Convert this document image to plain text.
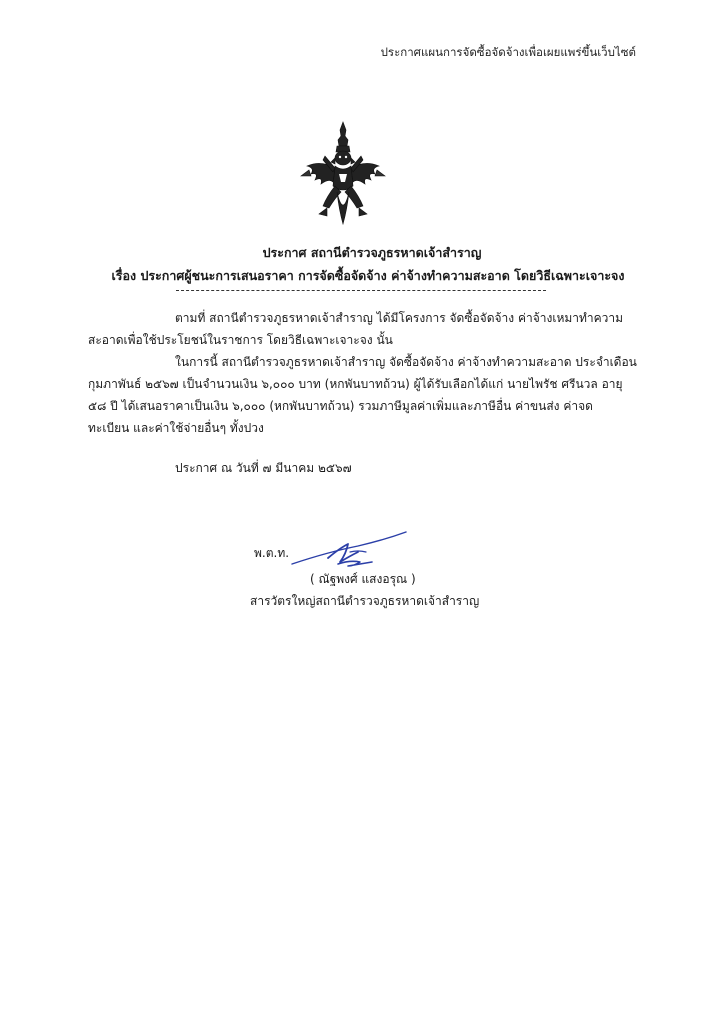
ประกาศแผนการจัดซื้อจัดจ้างเพื่อเผยแพร่ขึ้นเว็บไซต์
ประกาศ สถานีตำรวจภูธรหาดเจ้าสำราญ
เรื่อง ประกาศผู้ชนะการเสนอราคา การจัดซื้อจัดจ้าง ค่าจ้างทำความสะอาด โดยวิธีเฉพาะเจาะจง
ตามที่ สถานีตำรวจภูธรหาดเจ้าสำราญ ได้มีโครงการ จัดซื้อจัดจ้าง ค่าจ้างเหมาทำความ
สะอาดเพื่อใช้ประโยชน์ในราชการ โดยวิธีเฉพาะเจาะจง นั้น
ในการนี้ สถานีตำรวจภูธรหาดเจ้าสำราญ จัดซื้อจัดจ้าง ค่าจ้างทำความสะอาด ประจำเดือน
กุมภาพันธ์ ๒๕๖๗ เป็นจำนวนเงิน ๖,๐๐๐ บาท (หกพันบาทถ้วน) ผู้ได้รับเลือกได้แก่ นายไพรัช ศรีนวล อายุ
๕๘ ปี ได้เสนอราคาเป็นเงิน ๖,๐๐๐ (หกพันบาทถ้วน) รวมภาษีมูลค่าเพิ่มและภาษีอื่น ค่าขนส่ง ค่าจด
ทะเบียน และค่าใช้จ่ายอื่นๆ ทั้งปวง
ประกาศ ณ วันที่ ๗ มีนาคม ๒๕๖๗
พ.ต.ท.
( ณัฐพงศ์ แสงอรุณ )
สารวัตรใหญ่สถานีตำรวจภูธรหาดเจ้าสำราญ
